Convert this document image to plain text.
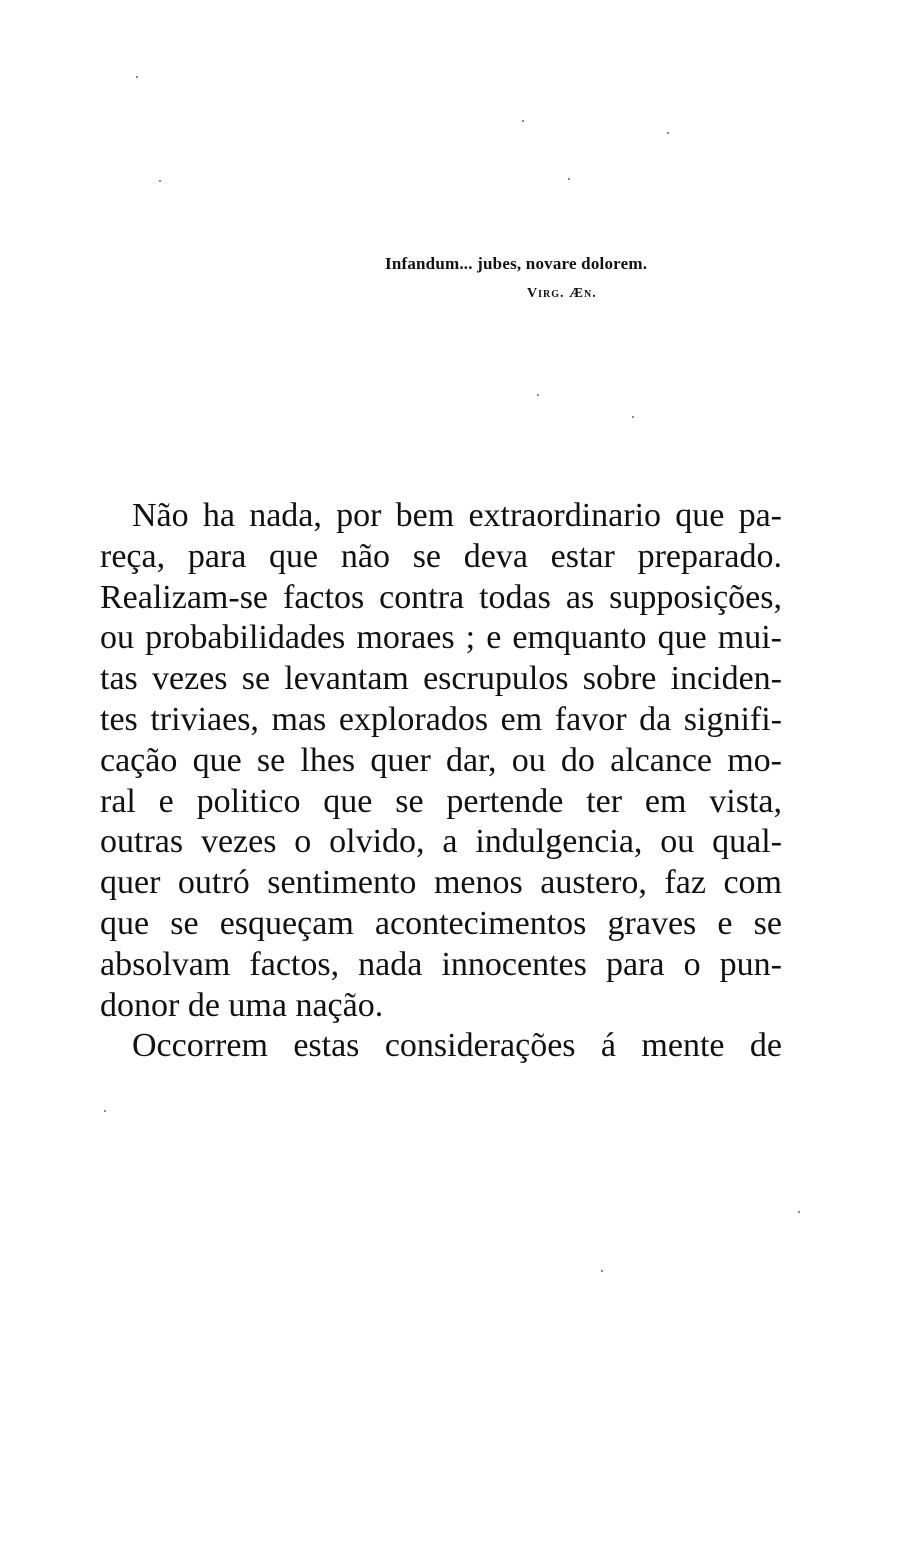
Infandum... jubes, novare dolorem.
Virg. Æn.
Não ha nada, por bem extraordinario que pa-
reça, para que não se deva estar preparado.
Realizam-se factos contra todas as supposições,
ou probabilidades moraes ; e emquanto que mui-
tas vezes se levantam escrupulos sobre inciden-
tes triviaes, mas explorados em favor da signifi-
cação que se lhes quer dar, ou do alcance mo-
ral e politico que se pertende ter em vista,
outras vezes o olvido, a indulgencia, ou qual-
quer outró sentimento menos austero, faz com
que se esqueçam acontecimentos graves e se
absolvam factos, nada innocentes para o pun-
donor de uma nação.
Occorrem estas considerações á mente de
